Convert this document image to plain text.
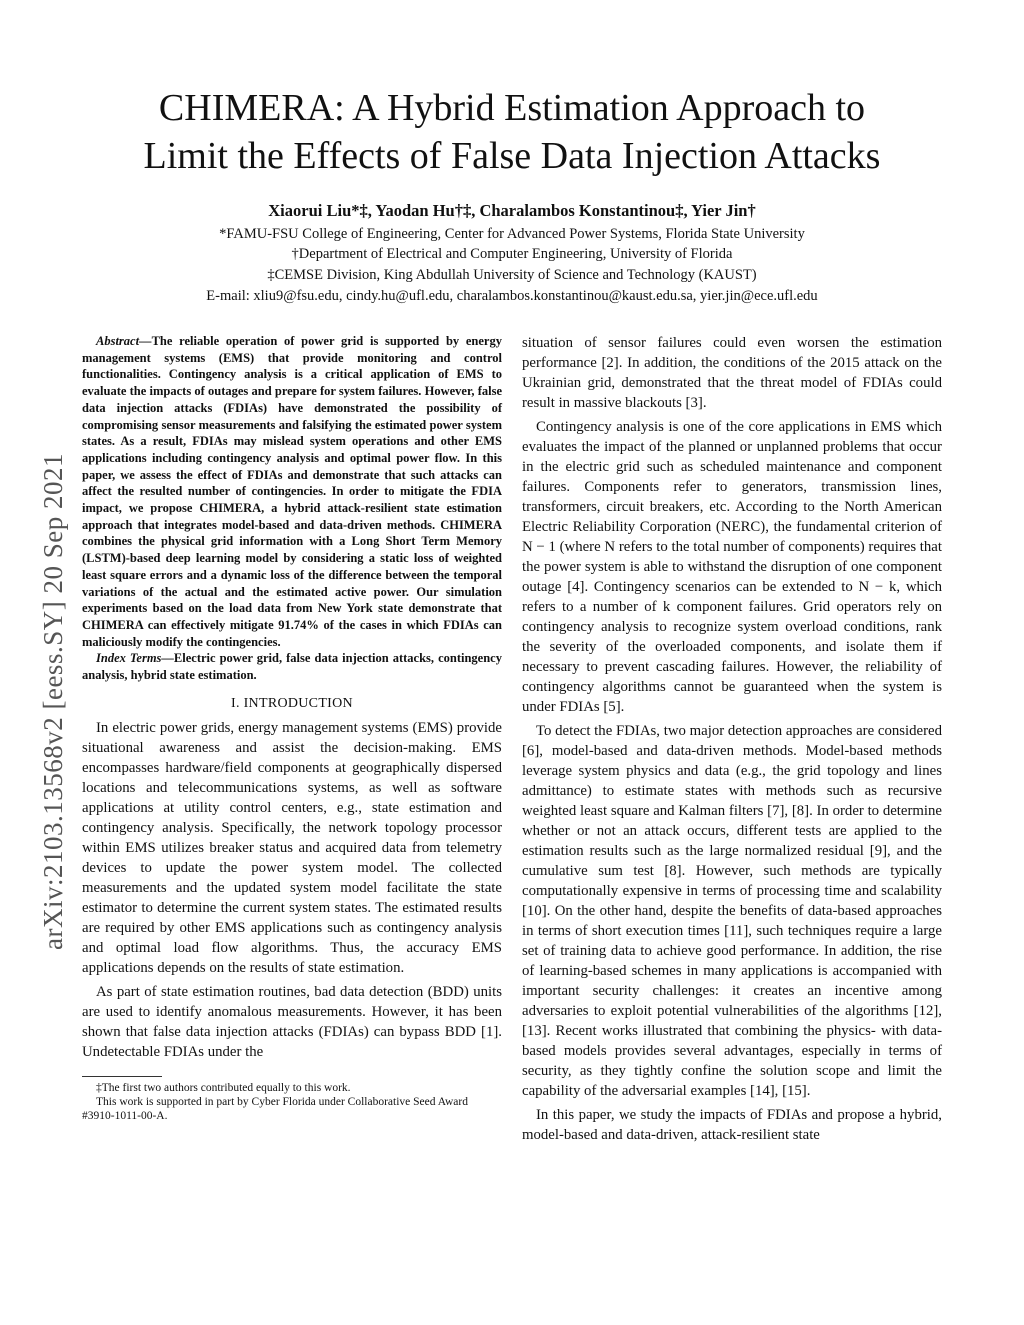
arXiv:2103.13568v2 [eess.SY] 20 Sep 2021
CHIMERA: A Hybrid Estimation Approach to
Limit the Effects of False Data Injection Attacks
Xiaorui Liu*‡, Yaodan Hu†‡, Charalambos Konstantinou‡, Yier Jin†
*FAMU-FSU College of Engineering, Center for Advanced Power Systems, Florida State University
†Department of Electrical and Computer Engineering, University of Florida
‡CEMSE Division, King Abdullah University of Science and Technology (KAUST)
E-mail: xliu9@fsu.edu, cindy.hu@ufl.edu, charalambos.konstantinou@kaust.edu.sa, yier.jin@ece.ufl.edu

Abstract—The reliable operation of power grid is supported by energy management systems (EMS) that provide monitoring and control functionalities. Contingency analysis is a critical application of EMS to evaluate the impacts of outages and prepare for system failures. However, false data injection attacks (FDIAs) have demonstrated the possibility of compromising sensor measurements and falsifying the estimated power system states. As a result, FDIAs may mislead system operations and other EMS applications including contingency analysis and optimal power flow. In this paper, we assess the effect of FDIAs and demonstrate that such attacks can affect the resulted number of contingencies. In order to mitigate the FDIA impact, we propose CHIMERA, a hybrid attack-resilient state estimation approach that integrates model-based and data-driven methods. CHIMERA combines the physical grid information with a Long Short Term Memory (LSTM)-based deep learning model by considering a static loss of weighted least square errors and a dynamic loss of the difference between the temporal variations of the actual and the estimated active power. Our simulation experiments based on the load data from New York state demonstrate that CHIMERA can effectively mitigate 91.74% of the cases in which FDIAs can maliciously modify the contingencies.

Index Terms—Electric power grid, false data injection attacks, contingency analysis, hybrid state estimation.

I. INTRODUCTION

In electric power grids, energy management systems (EMS) provide situational awareness and assist the decision-making. EMS encompasses hardware/field components at geographically dispersed locations and telecommunications systems, as well as software applications at utility control centers, e.g., state estimation and contingency analysis. Specifically, the network topology processor within EMS utilizes breaker status and acquired data from telemetry devices to update the power system model. The collected measurements and the updated system model facilitate the state estimator to determine the current system states. The estimated results are required by other EMS applications such as contingency analysis and optimal load flow algorithms. Thus, the accuracy EMS applications depends on the results of state estimation.

As part of state estimation routines, bad data detection (BDD) units are used to identify anomalous measurements. However, it has been shown that false data injection attacks (FDIAs) can bypass BDD [1]. Undetectable FDIAs under the

‡The first two authors contributed equally to this work.

This work is supported in part by Cyber Florida under Collaborative Seed Award #3910-1011-00-A.

situation of sensor failures could even worsen the estimation performance [2]. In addition, the conditions of the 2015 attack on the Ukrainian grid, demonstrated that the threat model of FDIAs could result in massive blackouts [3].

Contingency analysis is one of the core applications in EMS which evaluates the impact of the planned or unplanned problems that occur in the electric grid such as scheduled maintenance and component failures. Components refer to generators, transmission lines, transformers, circuit breakers, etc. According to the North American Electric Reliability Corporation (NERC), the fundamental criterion of N − 1 (where N refers to the total number of components) requires that the power system is able to withstand the disruption of one component outage [4]. Contingency scenarios can be extended to N − k, which refers to a number of k component failures. Grid operators rely on contingency analysis to recognize system overload conditions, rank the severity of the overloaded components, and isolate them if necessary to prevent cascading failures. However, the reliability of contingency algorithms cannot be guaranteed when the system is under FDIAs [5].

To detect the FDIAs, two major detection approaches are considered [6], model-based and data-driven methods. Model-based methods leverage system physics and data (e.g., the grid topology and lines admittance) to estimate states with methods such as recursive weighted least square and Kalman filters [7], [8]. In order to determine whether or not an attack occurs, different tests are applied to the estimation results such as the large normalized residual [9], and the cumulative sum test [8]. However, such methods are typically computationally expensive in terms of processing time and scalability [10]. On the other hand, despite the benefits of data-based approaches in terms of short execution times [11], such techniques require a large set of training data to achieve good performance. In addition, the rise of learning-based schemes in many applications is accompanied with important security challenges: it creates an incentive among adversaries to exploit potential vulnerabilities of the algorithms [12], [13]. Recent works illustrated that combining the physics- with data- based models provides several advantages, especially in terms of security, as they tightly confine the solution scope and limit the capability of the adversarial examples [14], [15].

In this paper, we study the impacts of FDIAs and propose a hybrid, model-based and data-driven, attack-resilient state
